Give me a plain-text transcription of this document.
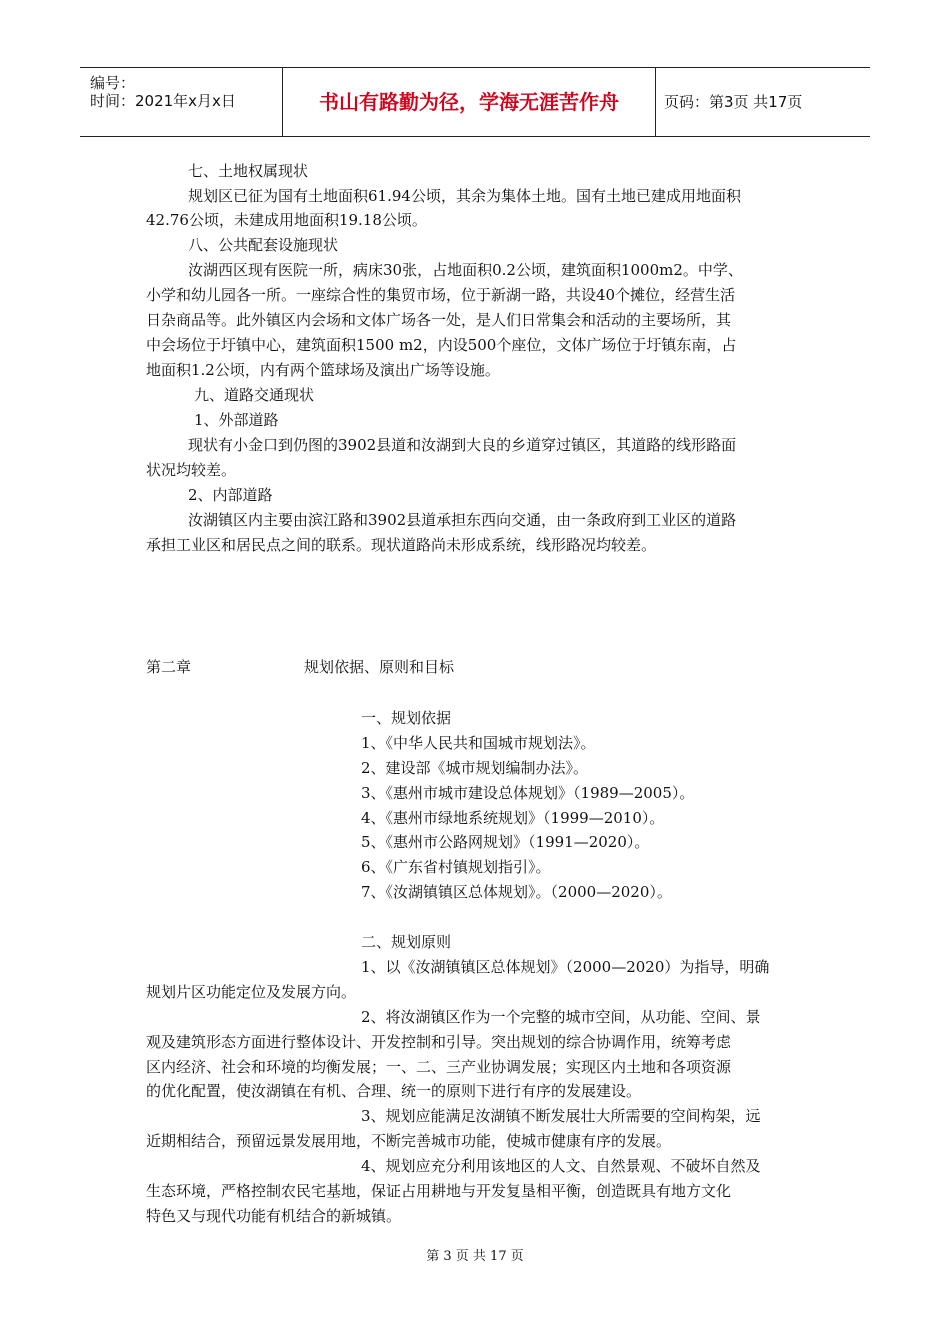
编号：
时间：2021年x月x日	书山有路勤为径，学海无涯苦作舟	页码：第3页 共17页
七、土地权属现状
规划区已征为国有土地面积61.94公顷，其余为集体土地。国有土地已建成用地面积
42.76公顷，未建成用地面积19.18公顷。
八、公共配套设施现状
汝湖西区现有医院一所，病床30张，占地面积0.2公顷，建筑面积1000m2。中学、
小学和幼儿园各一所。一座综合性的集贸市场，位于新湖一路，共设40个摊位，经营生活
日杂商品等。此外镇区内会场和文体广场各一处，是人们日常集会和活动的主要场所，其
中会场位于圩镇中心，建筑面积1500 m2，内设500个座位，文体广场位于圩镇东南，占
地面积1.2公顷，内有两个篮球场及演出广场等设施。
九、道路交通现状
1、外部道路
现状有小金口到仍图的3902县道和汝湖到大良的乡道穿过镇区，其道路的线形路面
状况均较差。
2、内部道路
汝湖镇区内主要由滨江路和3902县道承担东西向交通，由一条政府到工业区的道路
承担工业区和居民点之间的联系。现状道路尚未形成系统，线形路况均较差。
第二章	规划依据、原则和目标
一、规划依据
1、《中华人民共和国城市规划法》。
2、建设部《城市规划编制办法》。
3、《惠州市城市建设总体规划》（1989—2005）。
4、《惠州市绿地系统规划》（1999—2010）。
5、《惠州市公路网规划》（1991—2020）。
6、《广东省村镇规划指引》。
7、《汝湖镇镇区总体规划》。（2000—2020）。
二、规划原则
1、以《汝湖镇镇区总体规划》（2000—2020）为指导，明确
规划片区功能定位及发展方向。
2、将汝湖镇区作为一个完整的城市空间，从功能、空间、景
观及建筑形态方面进行整体设计、开发控制和引导。突出规划的综合协调作用，统筹考虑
区内经济、社会和环境的均衡发展；一、二、三产业协调发展；实现区内土地和各项资源
的优化配置，使汝湖镇在有机、合理、统一的原则下进行有序的发展建设。
3、规划应能满足汝湖镇不断发展壮大所需要的空间构架，远
近期相结合，预留远景发展用地，不断完善城市功能，使城市健康有序的发展。
4、规划应充分利用该地区的人文、自然景观、不破坏自然及
生态环境，严格控制农民宅基地，保证占用耕地与开发复垦相平衡，创造既具有地方文化
特色又与现代功能有机结合的新城镇。
第 3 页 共 17 页
